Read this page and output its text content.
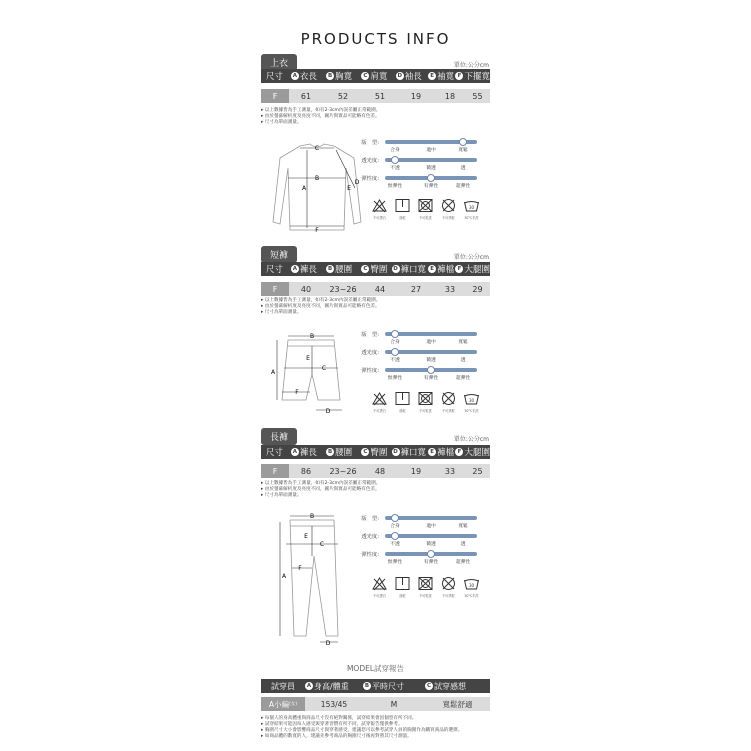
PRODUCTS INFO
上衣	單位:公分cm
尺寸	A 衣長	B 胸寬	C 肩寬	D 袖長	E 袖寬 F 下擺寬
F	61	52	51	19	18	55
▸ 以上數據皆為手工測量，如有2-3cm內誤差屬正常範圍。
▸ 由於螢幕解析度及亮度不同，圖片與實品可能略有色差。
▸ 尺寸為單面測量。
C
B
A
D
E
F
版　型:
合身	適中	寬鬆
透光度:
不透	微透	透
彈性度:
無彈性	有彈性	超彈性
不可漂白	陰乾	不可乾洗	不可烘乾
30
30°C手洗
短褲	單位:公分cm
尺寸	A 褲長	B 腰圍	C 臀圍	D 褲口寬 E 褲檔 F 大腿圍
F	40	23~26	44	27	33	29
▸ 以上數據皆為手工測量，如有2-3cm內誤差屬正常範圍。
▸ 由於螢幕解析度及亮度不同，圖片與實品可能略有色差。
▸ 尺寸為單面測量。
B
A
C
E
F
D
版　型:
合身	適中	寬鬆
透光度:
不透	微透	透
彈性度:
無彈性	有彈性	超彈性
不可漂白	陰乾	不可乾洗	不可烘乾
30
30°C手洗
長褲	單位:公分cm
尺寸	A 褲長	B 腰圍	C 臀圍	D 褲口寬 E 褲檔 F 大腿圍
F	86	23~26	48	19	33	25
▸ 以上數據皆為手工測量，如有2-3cm內誤差屬正常範圍。
▸ 由於螢幕解析度及亮度不同，圖片與實品可能略有色差。
▸ 尺寸為單面測量。
B
A
C
E
F
D
版　型:
合身	適中	寬鬆
透光度:
不透	微透	透
彈性度:
無彈性	有彈性	超彈性
不可漂白	陰乾	不可乾洗	不可烘乾
30
30°C手洗
MODEL試穿報告
試穿員	A 身高/體重	B 平時尺寸	C 試穿感想
A小編 (女)	153/45	M	寬鬆舒適
▸ 每個人的身高體重與商品尺寸沒有絕對關係，試穿結果會因個型有所不同。
▸ 試穿結果可能因每人感受與穿著習慣有所不同，試穿報告僅供參考。
▸ 胸圍尺寸大小會影響商品尺寸與穿著感受，建議您可以參考試穿人員的胸圍作為購買商品的選擇。
▸ 如商品體的數寬的人，建議先參考商品的胸圍尺寸後再對照其尺寸測量。
